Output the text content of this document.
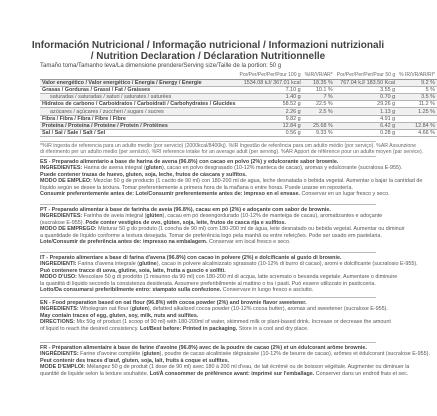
Información Nutricional / Informação nutricional / Informazioni nutrizionali
/ Nutrition Declaration / Déclaration Nutritionnelle
Tamaño toma/Tamanho leva/La dimensione prendere/Serving size/Taille de la portion: 50 g
	Por/Per/Per/Per/Pour 100 g	%IR/VR/AR*	Por/Per/Per/Per/Pour 50 g	% IR/VR/AR/RI*
Valor energético / Valor energético / Energia / Energy / Energie	1534.08 kJ/ 367.01 kcal	18.35 %	767.04 kJ/ 183.50 Kcal	9.2 %
Grasas / Gorduras / Grassi / Fat / Graisses	7.10 g	10.1 %	3.55 g	5 %
saturadas / saturadas / saturi / saturates / saturées	1.40 g	7 %	0.70 g	3.5 %
Hidratos de carbono / Carboidratos / Carboidrati / Carbohydrates / Glucides	58.52 g	22.5 %	29.26 g	11.2 %
azúcares / açúcares / zuccheri / sugars / sucres	2.26 g	2.5 %	1.13 g	1.25 %
Fibra / Fibra / Fibra / Fibre / Fibre	9.82 g		4.91 g	
Proteína / Proteína / Proteine / Protein / Protéines	12.84 g	25.68 %	6.42 g	12.84 %
Sal / Sal / Sale / Salt / Sel	0.56 g	9.33 %	0.28 g	4.66 %
*%IR ingesta de referencia para un adulto medio (por servicio) (2000kcal/8400kj). %IR Ingestão de referência para um adulto médio (por serviço). %AR Assunzione
di riferimento per un adulto medio (per servizio). %RI reference intake for an average adult (per serving). %AR Apport de référence pour un adulte moyen (par service).
ES - Preparado alimentario a base de harina de avena (96.8%) con cacao en polvo (2%) y edulcorante sabor brownie.
INGREDIENTES: Harina de avena integral (gluten), cacao en polvo desgrasado (10-12% manteca de cacao), aromas y edulcorante (sucralosa E-955).
Puede contener trazas de huevo, gluten, soja, leche, frutos de cáscara y sulfitos.
MODO DE EMPLEO: Mezclar 50 g de producto (1 cacito de 90 ml) con 180-200 ml de agua, leche desnatada o bebida vegetal. Aumentar o bajar la cantidad de
líquido según se desee la textura. Tomar preferentemente a primera hora de la mañana o entre horas. Puede usarse en repostería.
Consumir preferentemente antes de: Lote/Consumir preferentemente antes de: impreso en el envase. Conservar en un lugar fresco y seco.
PT - Preparado alimentar à base de farinha de aveia (96.8%), cacau em pó (2%) e adoçante com sabor de brownie.
INGREDIENTES: Farinha de aveia integral (glúten), cacau em pó desengordurado (10-12% de manteiga de cacau), aromatizantes e adoçante
(sucralose E-955). Pode conter vestígios de ovo, glúten, soja, leite, frutos de casca rija e sulfitos.
MODO DE EMPREGO: Misturar 50 g do produto (1 concha de 90 ml) com 180-200 ml de água, leite desnatado ou bebida vegetal. Aumentar ou diminuir
a quantidade de líquido conforme a textura desejada. Tomar de preferência logo pela manhã ou entre refeições. Pode ser usado em pastelaria.
Lote/Consumir de preferência antes de: impresso na embalagem. Conservar em local fresco e seco.
IT - Preparato alimentare a base di farina d'avena (96.8%) con cacao in polvere (2%) e dolcificante al gusto di brownie.
INGREDIENTI: Farina d'avena integrale (glutine), cacao in polvere alcalinizzato sgrassato (10-12% di burro di cacao), aromi e dolcificante (sucralosio E-955).
Può contenere tracce di uova, glutine, soia, latte, frutta a guscio e solfiti.
MODO D'USO: Mescolare 50 g di prodotto (1 misurino da 90 ml) con 180-200 ml di acqua, latte scremato o bevanda vegetale. Aumentare o diminuire
la quantità di liquido secondo la consistenza desiderata. Assumere preferibilmente al mattino o tra i pasti. Può essere utilizzato in pasticceria.
Lotto/Da consumarsi preferibilmente entro: stampato sulla confezione. Conservare in luogo fresco e asciutto.
EN - Food preparation based on oat flour (96.8%) with cocoa powder (2%) and brownie flavor sweetener.
INGREDIENTS: Wholegrain oat flour (gluten), defatted alkalized cocoa powder (10-12% cocoa butter), aromas and sweetener (sucralose E-955).
May contain traces of egg, gluten, soy, milk, nuts and sulfites.
DIRECTIONS: Mix 50g of product (1 scoop of 90 ml) with 180-200ml of water, skimmed milk or plant-based drink. Increase or decrease the amount
of liquid to reach the desired consistency. Lot/Best before: Printed in packaging. Store in a cool and dry place.
FR - Préparation alimentaire à base de farine d'avoine (96.8%) avec de la poudre de cacao (2%) et un édulcorant arôme brownie.
INGRÉDIENTS: Farine d'avoine complète (gluten), poudre de cacao alcalinisée dégraissée (10-12% de beurre de cacao), arômes et édulcorant (sucralose E-955).
Peut contenir des traces d'œuf, gluten, soja, lait, fruits à coque et sulfites.
MODE D'EMPLOI: Mélangez 50 g de produit (1 dose de 90 ml) avec 180 à 200 ml d'eau, de lait écrémé ou de boisson végétale. Augmenter ou diminuer la
quantité de liquide selon la texture souhaitée. Lot/À consommer de préférence avant: imprimé sur l'emballage. Conserver dans un endroit frais et sec.
